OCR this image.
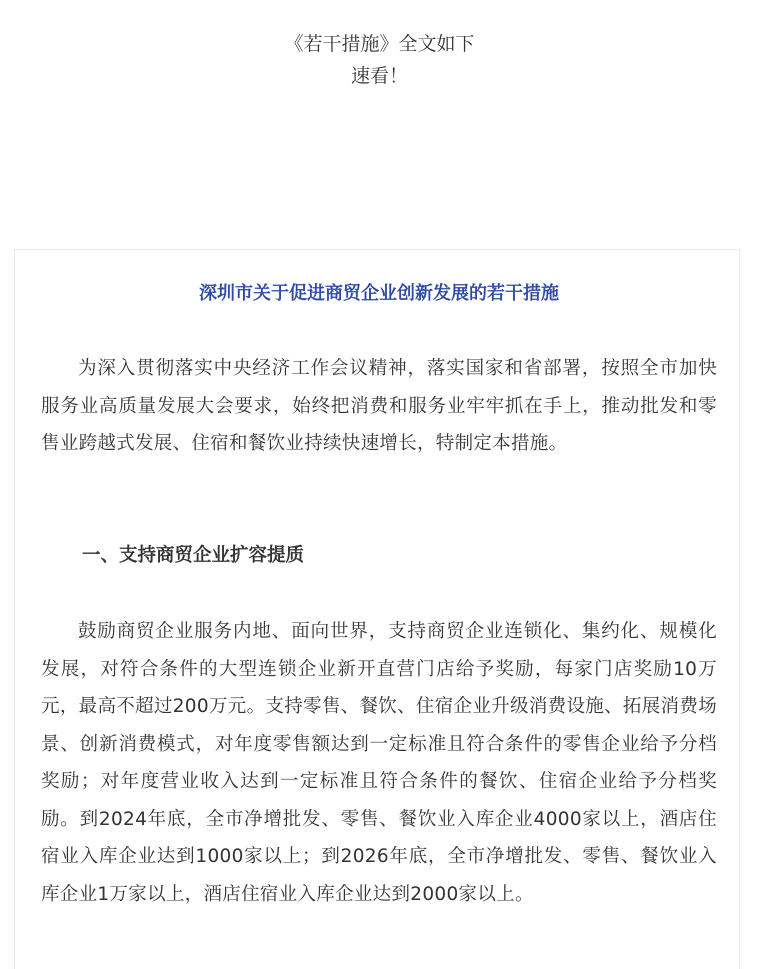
《若干措施》全文如下
速看！
深圳市关于促进商贸企业创新发展的若干措施
为深入贯彻落实中央经济工作会议精神，落实国家和省部署，按照全市加快服务业高质量发展大会要求，始终把消费和服务业牢牢抓在手上，推动批发和零售业跨越式发展、住宿和餐饮业持续快速增长，特制定本措施。
一、支持商贸企业扩容提质
鼓励商贸企业服务内地、面向世界，支持商贸企业连锁化、集约化、规模化发展，对符合条件的大型连锁企业新开直营门店给予奖励，每家门店奖励10万元，最高不超过200万元。支持零售、餐饮、住宿企业升级消费设施、拓展消费场景、创新消费模式，对年度零售额达到一定标准且符合条件的零售企业给予分档奖励；对年度营业收入达到一定标准且符合条件的餐饮、住宿企业给予分档奖励。到2024年底，全市净增批发、零售、餐饮业入库企业4000家以上，酒店住宿业入库企业达到1000家以上；到2026年底，全市净增批发、零售、餐饮业入库企业1万家以上，酒店住宿业入库企业达到2000家以上。
